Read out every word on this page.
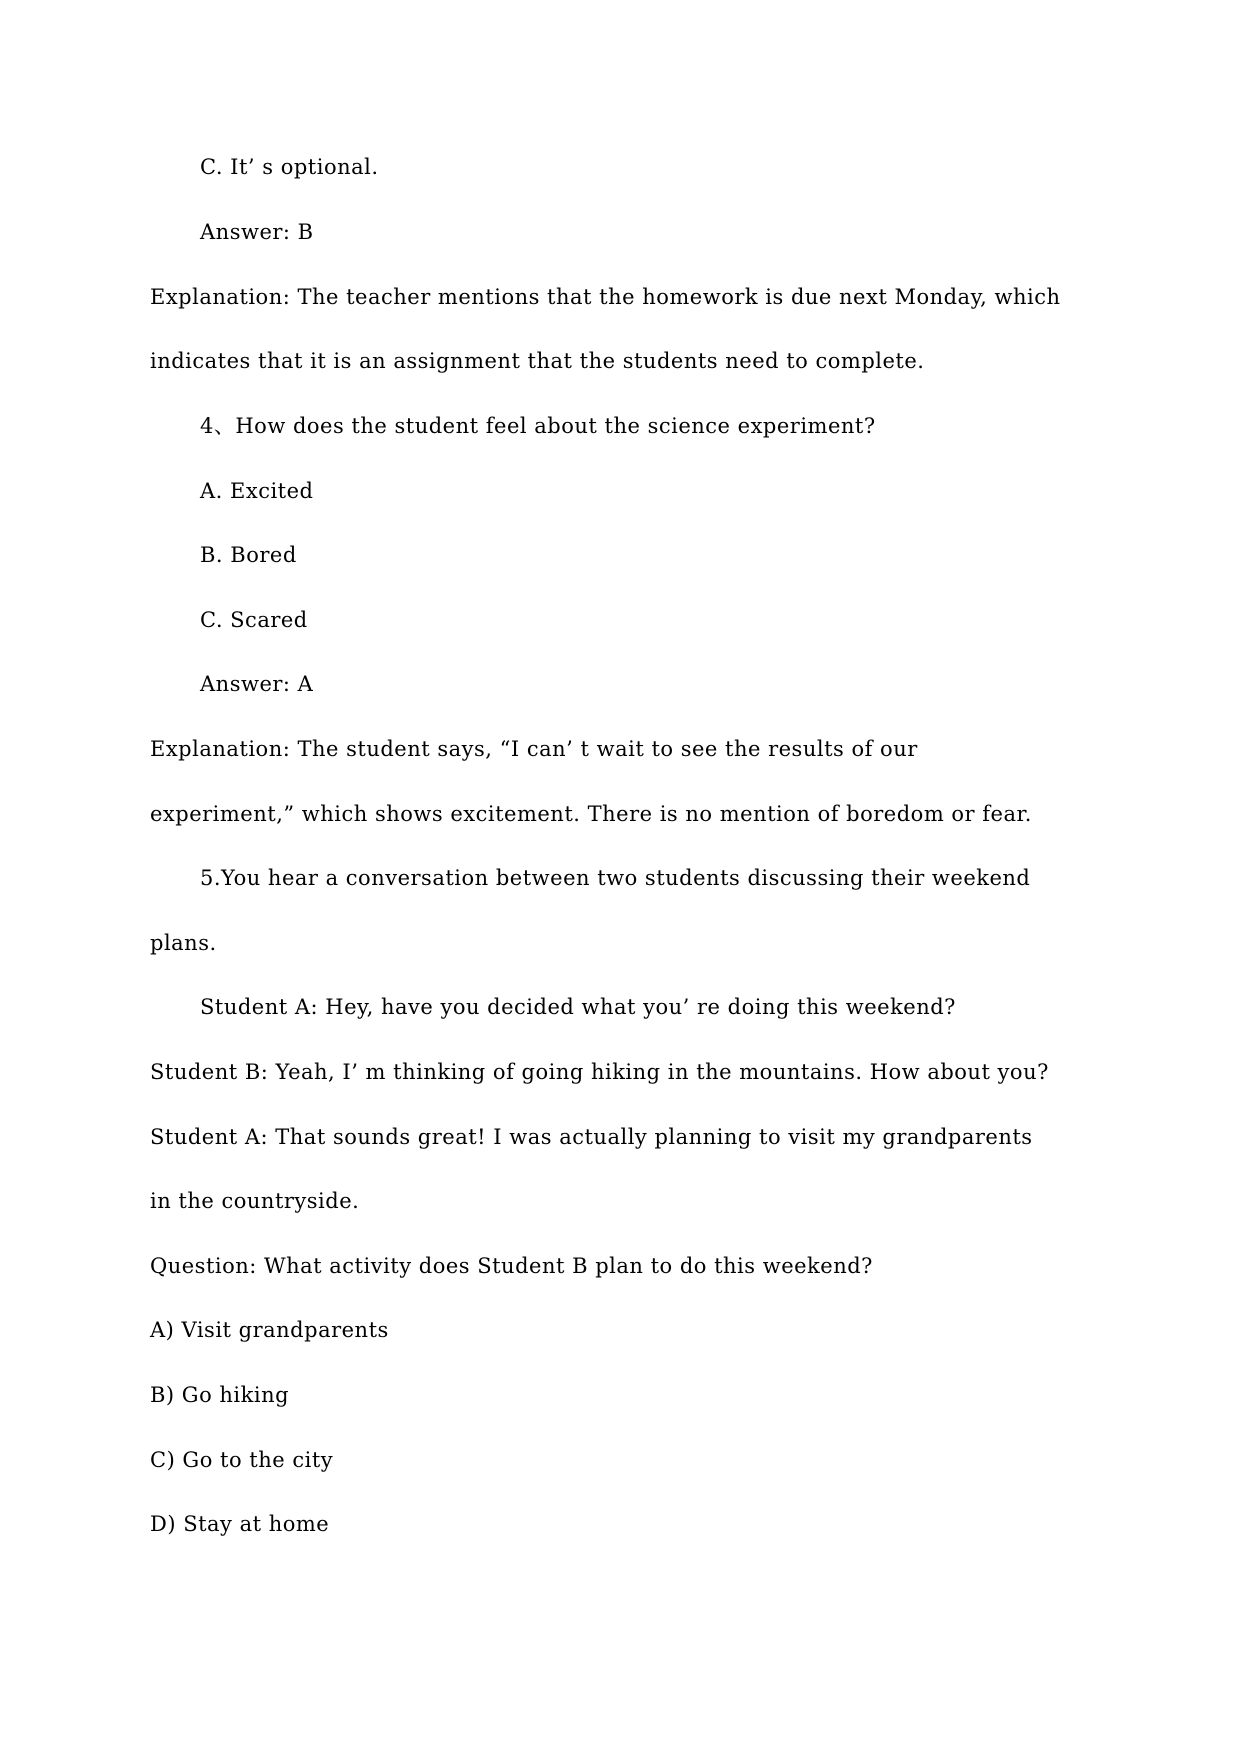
C. It’ s optional.
Answer: B
Explanation: The teacher mentions that the homework is due next Monday, which
indicates that it is an assignment that the students need to complete.
4、How does the student feel about the science experiment?
A. Excited
B. Bored
C. Scared
Answer: A
Explanation: The student says, “I can’ t wait to see the results of our
experiment,” which shows excitement. There is no mention of boredom or fear.
5.You hear a conversation between two students discussing their weekend
plans.
Student A: Hey, have you decided what you’ re doing this weekend?
Student B: Yeah, I’ m thinking of going hiking in the mountains. How about you?
Student A: That sounds great! I was actually planning to visit my grandparents
in the countryside.
Question: What activity does Student B plan to do this weekend?
A) Visit grandparents
B) Go hiking
C) Go to the city
D) Stay at home
